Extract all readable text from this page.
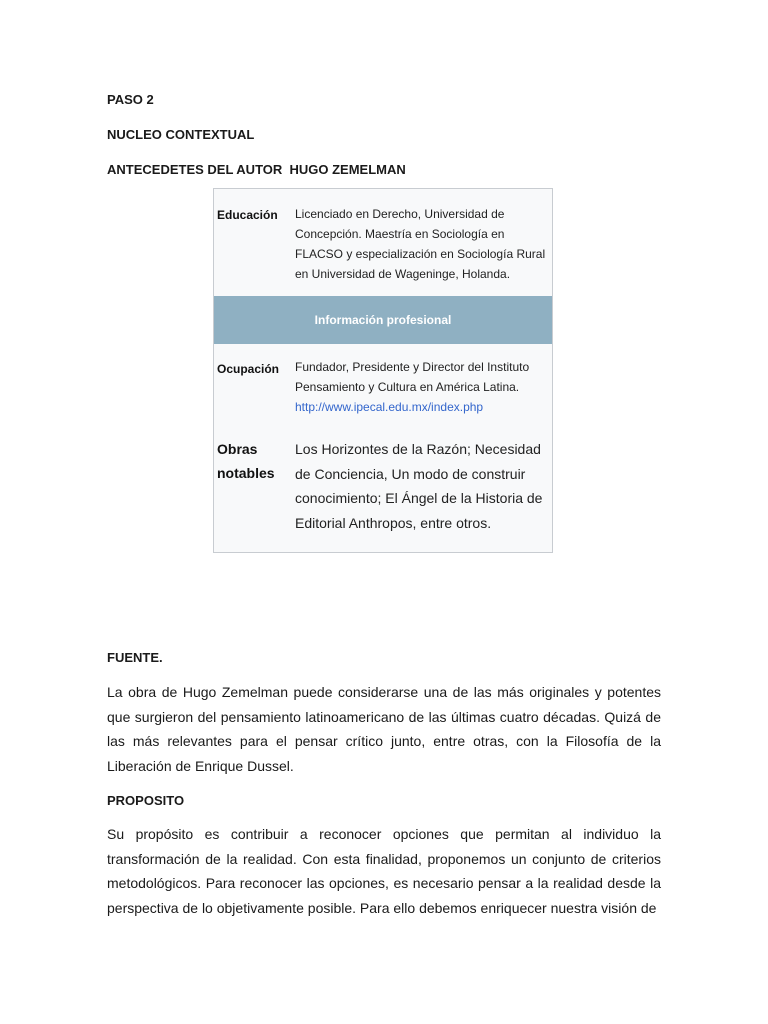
PASO 2
NUCLEO CONTEXTUAL
ANTECEDETES DEL AUTOR  HUGO ZEMELMAN
Educación Licenciado en Derecho, Universidad de Concepción. Maestría en Sociología en FLACSO y especialización en Sociología Rural en Universidad de Wageninge, Holanda.
Información profesional
Ocupación Fundador, Presidente y Director del Instituto Pensamiento y Cultura en América Latina. http://www.ipecal.edu.mx/index.php
Obras notables
Los Horizontes de la Razón; Necesidad de Conciencia, Un modo de construir conocimiento; El Ángel de la Historia de Editorial Anthropos, entre otros.
FUENTE.

La obra de Hugo Zemelman puede considerarse una de las más originales y potentes que surgieron del pensamiento latinoamericano de las últimas cuatro décadas. Quizá de las más relevantes para el pensar crítico junto, entre otras, con la Filosofía de la Liberación de Enrique Dussel.

PROPOSITO

Su propósito es contribuir a reconocer opciones que permitan al individuo la transformación de la realidad. Con esta finalidad, proponemos un conjunto de criterios metodológicos. Para reconocer las opciones, es necesario pensar a la realidad desde la perspectiva de lo objetivamente posible. Para ello debemos enriquecer nuestra visión de
